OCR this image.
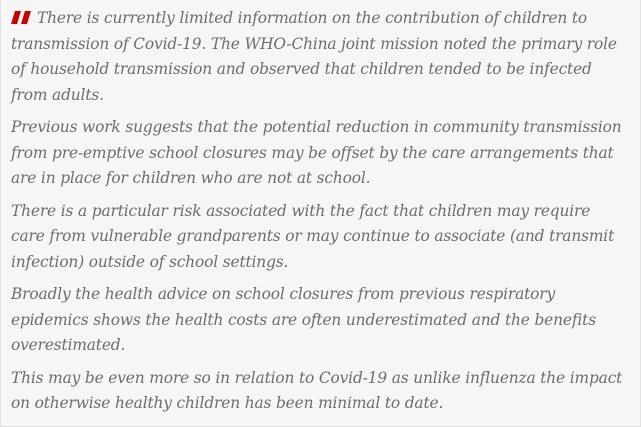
There is currently limited information on the contribution of children to transmission of Covid-19. The WHO-China joint mission noted the primary role of household transmission and observed that children tended to be infected from adults.

Previous work suggests that the potential reduction in community transmission from pre-emptive school closures may be offset by the care arrangements that are in place for children who are not at school.

There is a particular risk associated with the fact that children may require care from vulnerable grandparents or may continue to associate (and transmit infection) outside of school settings.

Broadly the health advice on school closures from previous respiratory epidemics shows the health costs are often underestimated and the benefits overestimated.

This may be even more so in relation to Covid-19 as unlike influenza the impact on otherwise healthy children has been minimal to date.
